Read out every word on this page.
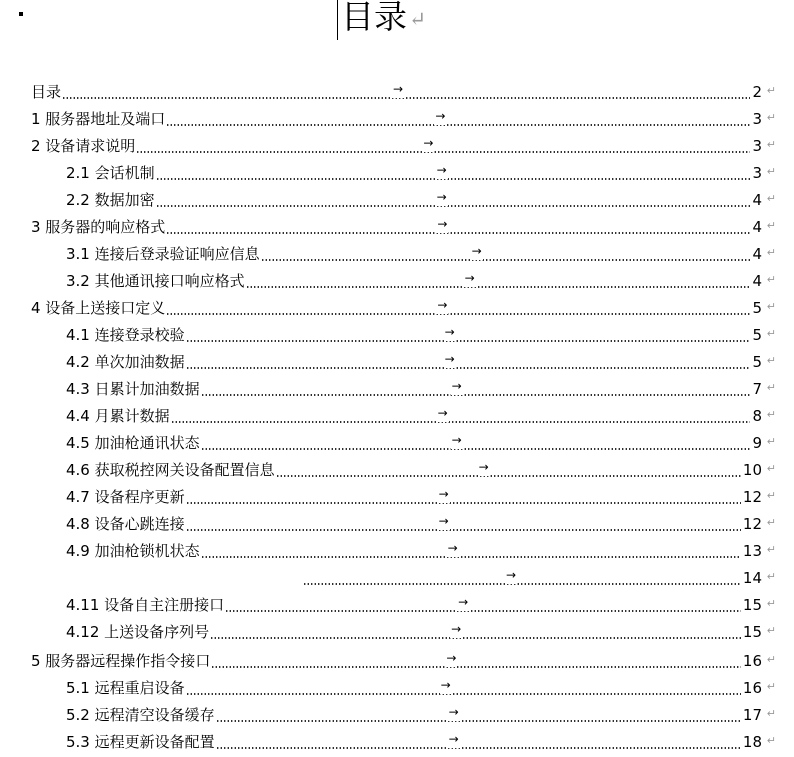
目录↵
目录	→	2 ↵
1 服务器地址及端口	→	3 ↵
2 设备请求说明	→	3 ↵
2.1 会话机制	→	3 ↵
2.2 数据加密	→	4 ↵
3 服务器的响应格式	→	4 ↵
3.1 连接后登录验证响应信息	→	4 ↵
3.2 其他通讯接口响应格式	→	4 ↵
4 设备上送接口定义	→	5 ↵
4.1 连接登录校验	→	5 ↵
4.2 单次加油数据	→	5 ↵
4.3 日累计加油数据	→	7 ↵
4.4 月累计数据	→	8 ↵
4.5 加油枪通讯状态	→	9 ↵
4.6 获取税控网关设备配置信息	→	10 ↵
4.7 设备程序更新	→	12 ↵
4.8 设备心跳连接	→	12 ↵
4.9 加油枪锁机状态	→	13 ↵
→	14 ↵
4.11 设备自主注册接口	→	15 ↵
4.12 上送设备序列号	→	15 ↵
5 服务器远程操作指令接口	→	16 ↵
5.1 远程重启设备	→	16 ↵
5.2 远程清空设备缓存	→	17 ↵
5.3 远程更新设备配置	→	18 ↵
